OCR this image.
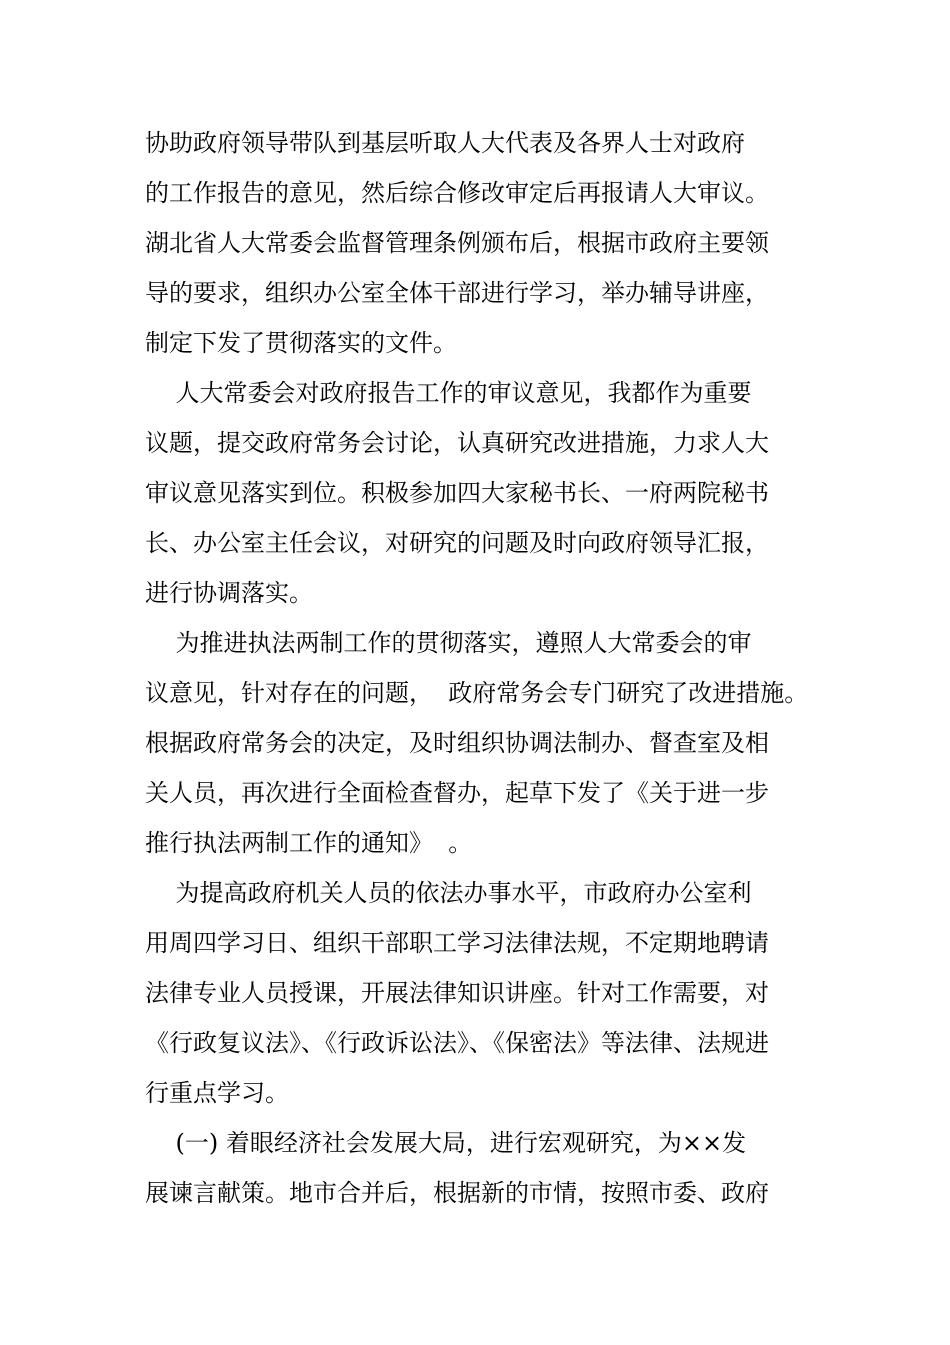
协助政府领导带队到基层听取人大代表及各界人士对政府
的工作报告的意见，然后综合修改审定后再报请人大审议。
湖北省人大常委会监督管理条例颁布后，根据市政府主要领
导的要求，组织办公室全体干部进行学习，举办辅导讲座，
制定下发了贯彻落实的文件。
人大常委会对政府报告工作的审议意见，我都作为重要
议题，提交政府常务会讨论，认真研究改进措施，力求人大
审议意见落实到位。积极参加四大家秘书长、一府两院秘书
长、办公室主任会议，对研究的问题及时向政府领导汇报，
进行协调落实。
为推进执法两制工作的贯彻落实，遵照人大常委会的审
议意见，针对存在的问题，  政府常务会专门研究了改进措施。
根据政府常务会的决定，及时组织协调法制办、督查室及相
关人员，再次进行全面检查督办，起草下发了《关于进一步
推行执法两制工作的通知》  。
为提高政府机关人员的依法办事水平，市政府办公室利
用周四学习日、组织干部职工学习法律法规，不定期地聘请
法律专业人员授课，开展法律知识讲座。针对工作需要，对
《行政复议法》、《行政诉讼法》、《保密法》等法律、法规进
行重点学习。
(一) 着眼经济社会发展大局，进行宏观研究，为××发
展谏言献策。地市合并后，根据新的市情，按照市委、政府
